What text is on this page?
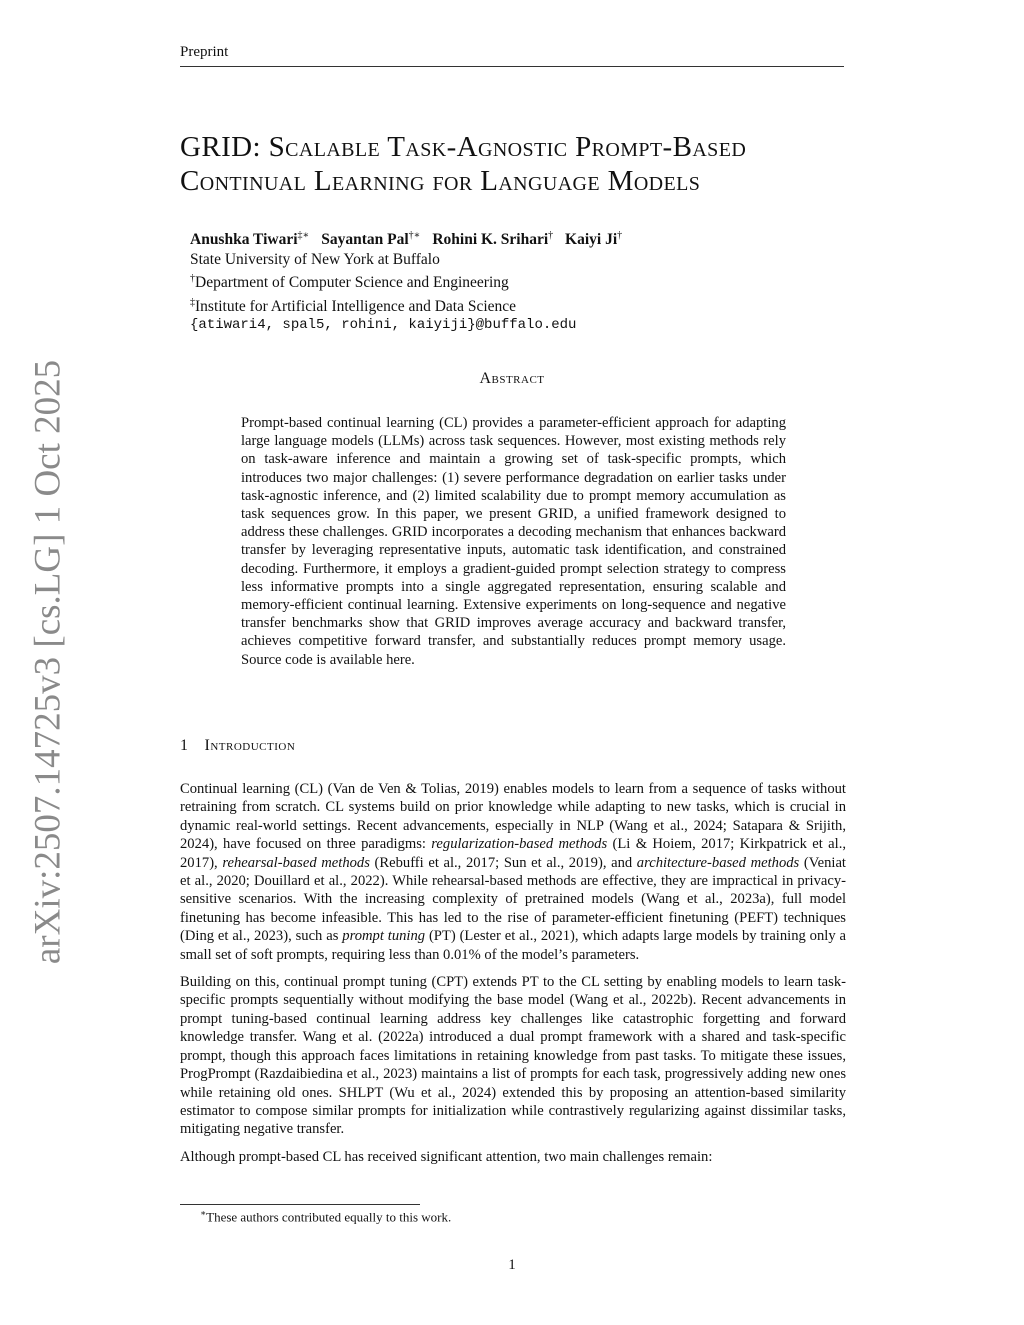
Preprint
arXiv:2507.14725v3 [cs.LG] 1 Oct 2025
GRID: Scalable Task-Agnostic Prompt-Based
Continual Learning for Language Models
Anushka Tiwari‡∗ Sayantan Pal†∗ Rohini K. Srihari† Kaiyi Ji†
State University of New York at Buffalo
†Department of Computer Science and Engineering
‡Institute for Artificial Intelligence and Data Science
{atiwari4, spal5, rohini, kaiyiji}@buffalo.edu
Abstract
Prompt-based continual learning (CL) provides a parameter-efficient approach for adapting large language models (LLMs) across task sequences. However, most existing methods rely on task-aware inference and maintain a growing set of task-specific prompts, which introduces two major challenges: (1) severe performance degradation on earlier tasks under task-agnostic inference, and (2) limited scalability due to prompt memory accumulation as task sequences grow. In this paper, we present GRID, a unified framework designed to address these challenges. GRID incorporates a decoding mechanism that enhances backward transfer by leveraging representative inputs, automatic task identification, and constrained decoding. Furthermore, it employs a gradient-guided prompt selection strategy to compress less informative prompts into a single aggregated representation, ensuring scalable and memory-efficient continual learning. Extensive experiments on long-sequence and negative transfer benchmarks show that GRID improves average accuracy and backward transfer, achieves competitive forward transfer, and substantially reduces prompt memory usage. Source code is available here.
1 Introduction

Continual learning (CL) (Van de Ven & Tolias, 2019) enables models to learn from a sequence of tasks without retraining from scratch. CL systems build on prior knowledge while adapting to new tasks, which is crucial in dynamic real-world settings. Recent advancements, especially in NLP (Wang et al., 2024; Satapara & Srijith, 2024), have focused on three paradigms: regularization-based methods (Li & Hoiem, 2017; Kirkpatrick et al., 2017), rehearsal-based methods (Rebuffi et al., 2017; Sun et al., 2019), and architecture-based methods (Veniat et al., 2020; Douillard et al., 2022). While rehearsal-based methods are effective, they are impractical in privacy-sensitive scenarios. With the increasing complexity of pretrained models (Wang et al., 2023a), full model finetuning has become infeasible. This has led to the rise of parameter-efficient finetuning (PEFT) techniques (Ding et al., 2023), such as prompt tuning (PT) (Lester et al., 2021), which adapts large models by training only a small set of soft prompts, requiring less than 0.01% of the model’s parameters.

Building on this, continual prompt tuning (CPT) extends PT to the CL setting by enabling models to learn task-specific prompts sequentially without modifying the base model (Wang et al., 2022b). Recent advancements in prompt tuning-based continual learning address key challenges like catastrophic forgetting and forward knowledge transfer. Wang et al. (2022a) introduced a dual prompt framework with a shared and task-specific prompt, though this approach faces limitations in retaining knowledge from past tasks. To mitigate these issues, ProgPrompt (Razdaibiedina et al., 2023) maintains a list of prompts for each task, progressively adding new ones while retaining old ones. SHLPT (Wu et al., 2024) extended this by proposing an attention-based similarity estimator to compose similar prompts for initialization while contrastively regularizing against dissimilar tasks, mitigating negative transfer.

Although prompt-based CL has received significant attention, two main challenges remain:

∗These authors contributed equally to this work.
1
